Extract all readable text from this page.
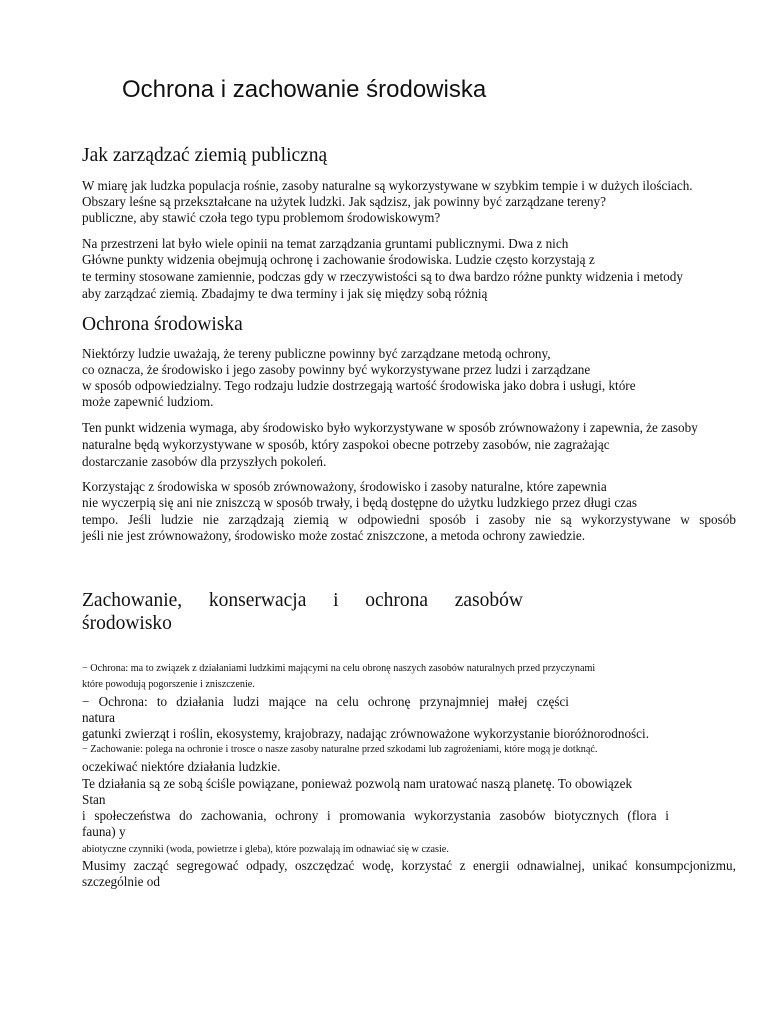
Ochrona i zachowanie środowiska
Jak zarządzać ziemią publiczną

W miarę jak ludzka populacja rośnie, zasoby naturalne są wykorzystywane w szybkim tempie i w dużych ilościach.

Obszary leśne są przekształcane na użytek ludzki. Jak sądzisz, jak powinny być zarządzane tereny?

publiczne, aby stawić czoła tego typu problemom środowiskowym?

Na przestrzeni lat było wiele opinii na temat zarządzania gruntami publicznymi. Dwa z nich

Główne punkty widzenia obejmują ochronę i zachowanie środowiska. Ludzie często korzystają z

te terminy stosowane zamiennie, podczas gdy w rzeczywistości są to dwa bardzo różne punkty widzenia i metody

aby zarządzać ziemią. Zbadajmy te dwa terminy i jak się między sobą różnią

Ochrona środowiska

Niektórzy ludzie uważają, że tereny publiczne powinny być zarządzane metodą ochrony,

co oznacza, że środowisko i jego zasoby powinny być wykorzystywane przez ludzi i zarządzane

w sposób odpowiedzialny. Tego rodzaju ludzie dostrzegają wartość środowiska jako dobra i usługi, które

może zapewnić ludziom.

Ten punkt widzenia wymaga, aby środowisko było wykorzystywane w sposób zrównoważony i zapewnia, że zasoby

naturalne będą wykorzystywane w sposób, który zaspokoi obecne potrzeby zasobów, nie zagrażając

dostarczanie zasobów dla przyszłych pokoleń.

Korzystając z środowiska w sposób zrównoważony, środowisko i zasoby naturalne, które zapewnia

nie wyczerpią się ani nie zniszczą w sposób trwały, i będą dostępne do użytku ludzkiego przez długi czas

tempo. Jeśli ludzie nie zarządzają ziemią w odpowiedni sposób i zasoby nie są wykorzystywane w sposób

jeśli nie jest zrównoważony, środowisko może zostać zniszczone, a metoda ochrony zawiedzie.

Zachowanie, konserwacja i ochrona zasobów
środowisko

− Ochrona: ma to związek z działaniami ludzkimi mającymi na celu obronę naszych zasobów naturalnych przed przyczynami

które powodują pogorszenie i zniszczenie.

− Ochrona: to działania ludzi mające na celu ochronę przynajmniej małej części

natura

gatunki zwierząt i roślin, ekosystemy, krajobrazy, nadając zrównoważone wykorzystanie bioróżnorodności.

− Zachowanie: polega na ochronie i trosce o nasze zasoby naturalne przed szkodami lub zagrożeniami, które mogą je dotknąć.

oczekiwać niektóre działania ludzkie.

Te działania są ze sobą ściśle powiązane, ponieważ pozwolą nam uratować naszą planetę. To obowiązek

Stan

i społeczeństwa do zachowania, ochrony i promowania wykorzystania zasobów biotycznych (flora i

fauna) y

abiotyczne czynniki (woda, powietrze i gleba), które pozwalają im odnawiać się w czasie.

Musimy zacząć segregować odpady, oszczędzać wodę, korzystać z energii odnawialnej, unikać konsumpcjonizmu,

szczególnie od
